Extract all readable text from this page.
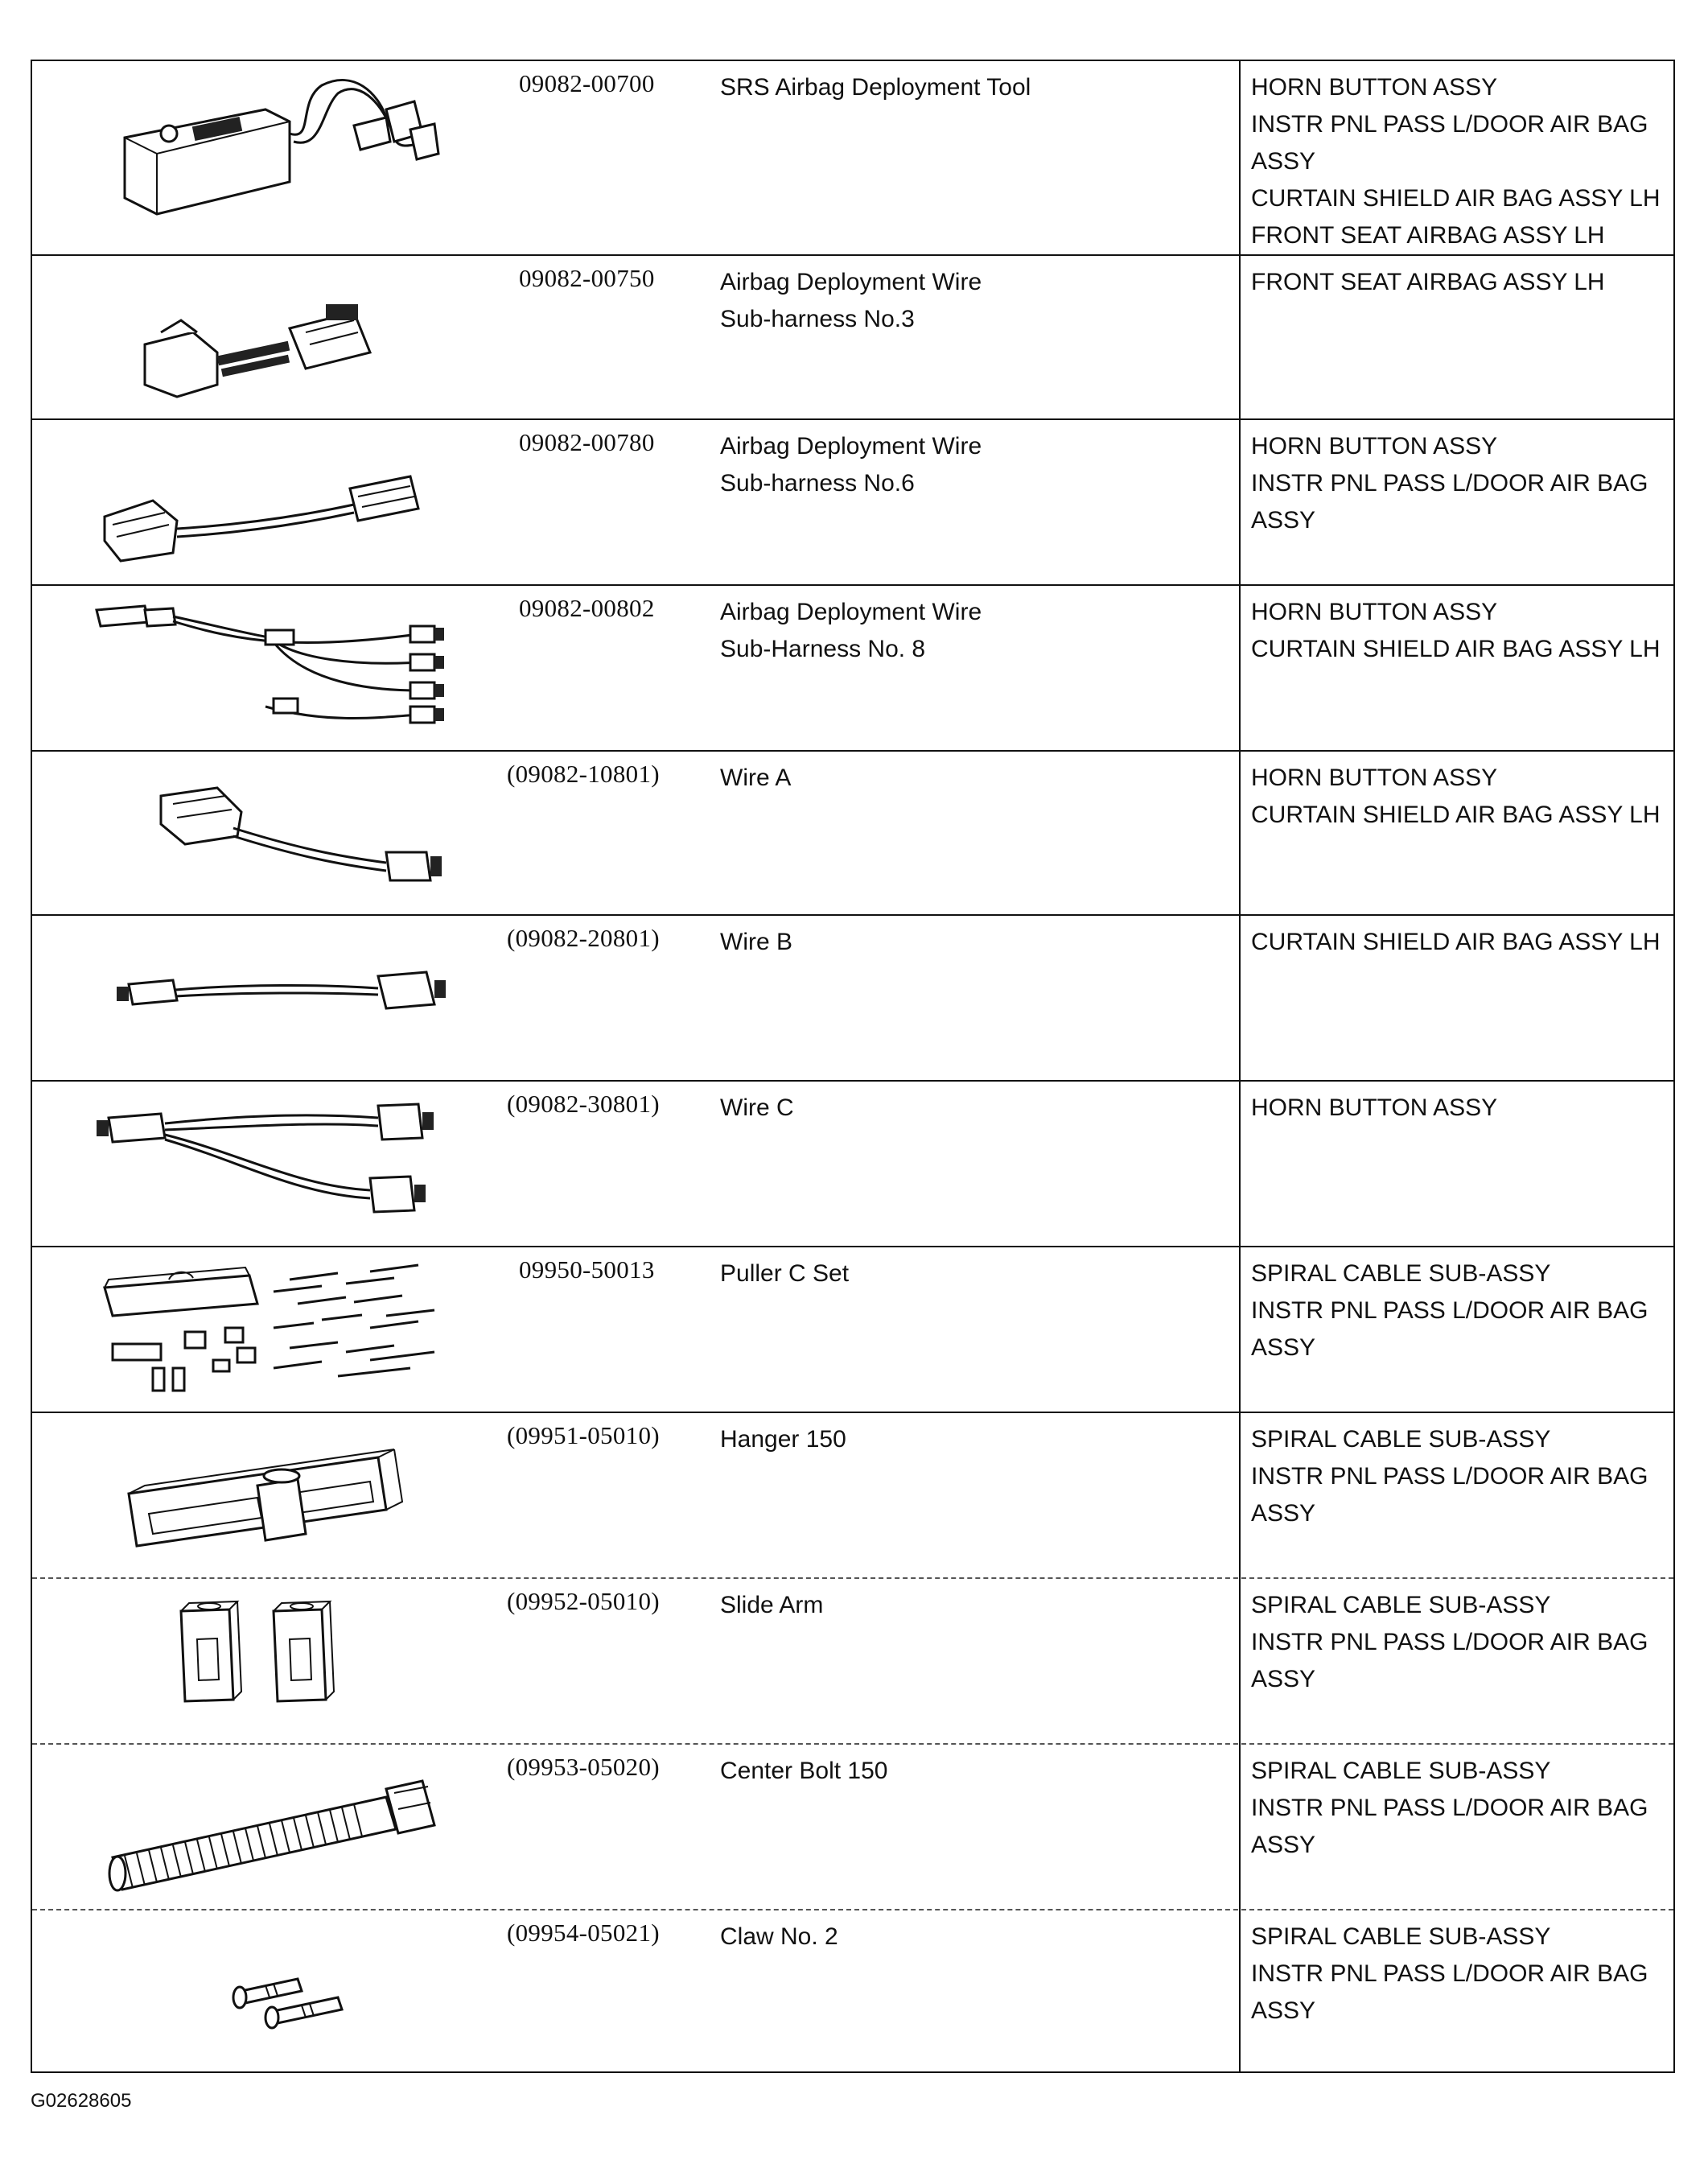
09082-00700	SRS Airbag Deployment Tool	HORN BUTTON ASSY
INSTR PNL PASS L/DOOR AIR BAG
ASSY
CURTAIN SHIELD AIR BAG ASSY LH
FRONT SEAT AIRBAG ASSY LH
09082-00750	Airbag Deployment Wire
Sub-harness No.3
FRONT SEAT AIRBAG ASSY LH
09082-00780	Airbag Deployment Wire
Sub-harness No.6
HORN BUTTON ASSY
INSTR PNL PASS L/DOOR AIR BAG
ASSY
09082-00802	Airbag Deployment Wire
Sub-Harness No. 8
HORN BUTTON ASSY
CURTAIN SHIELD AIR BAG ASSY LH
(09082-10801)	Wire A	HORN BUTTON ASSY
CURTAIN SHIELD AIR BAG ASSY LH
(09082-20801)	Wire B	CURTAIN SHIELD AIR BAG ASSY LH
(09082-30801)	Wire C	HORN BUTTON ASSY
09950-50013	Puller C Set	SPIRAL CABLE SUB-ASSY
INSTR PNL PASS L/DOOR AIR BAG
ASSY
(09951-05010)	Hanger 150	SPIRAL CABLE SUB-ASSY
INSTR PNL PASS L/DOOR AIR BAG
ASSY
(09952-05010)	Slide Arm	SPIRAL CABLE SUB-ASSY
INSTR PNL PASS L/DOOR AIR BAG
ASSY
(09953-05020)	Center Bolt 150	SPIRAL CABLE SUB-ASSY
INSTR PNL PASS L/DOOR AIR BAG
ASSY
(09954-05021)	Claw No. 2	SPIRAL CABLE SUB-ASSY
INSTR PNL PASS L/DOOR AIR BAG
ASSY
G02628605
